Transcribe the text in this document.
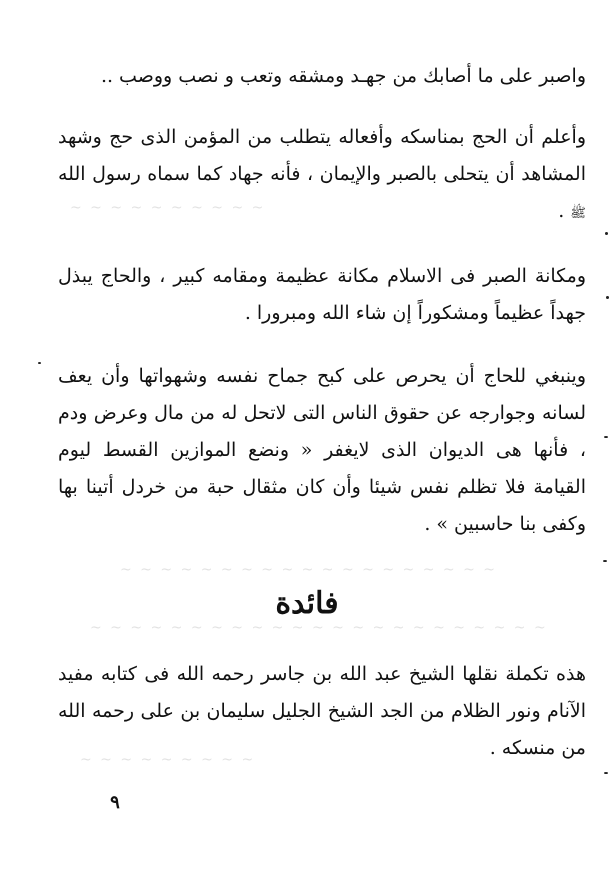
~ ~ ~ ~ ~ ~ ~ ~ ~ ~
~ ~ ~ ~ ~ ~ ~ ~ ~ ~ ~ ~ ~ ~ ~ ~ ~ ~ ~
~ ~ ~ ~ ~ ~ ~ ~ ~ ~ ~ ~ ~ ~ ~ ~ ~ ~ ~ ~ ~ ~ ~
~ ~ ~ ~ ~ ~ ~ ~ ~

واصبر على ما أصابك من جهـد ومشقه وتعب و نصب ووصب ..

وأعلم أن الحج بمناسكه وأفعاله يتطلب من المؤمن الذى حج وشهد المشاهد أن يتحلى بالصبر والإيمان ، فأنه جهاد كما سماه رسول الله ﷺ .

ومكانة الصبر فى الاسلام مكانة عظيمة ومقامه كبير ، والحاج يبذل جهداً عظيماً ومشكوراً إن شاء الله ومبرورا .

وينبغي للحاج أن يحرص على كبح جماح نفسه وشهواتها وأن يعف لسانه وجوارجه عن حقوق الناس التى لاتحل له من مال وعرض ودم ، فأنها هى الديوان الذى لايغفر « ونضع الموازين القسط ليوم القيامة فلا تظلم نفس شيئا وأن كان مثقال حبة من خردل أتينا بها وكفى بنا حاسبين » .

فائدة

هذه تكملة نقلها الشيخ عبد الله بن جاسر رحمه الله فى كتابه مفيد الآنام ونور الظلام من الجد الشيخ الجليل سليمان بن على رحمه الله من منسكه .

٩
